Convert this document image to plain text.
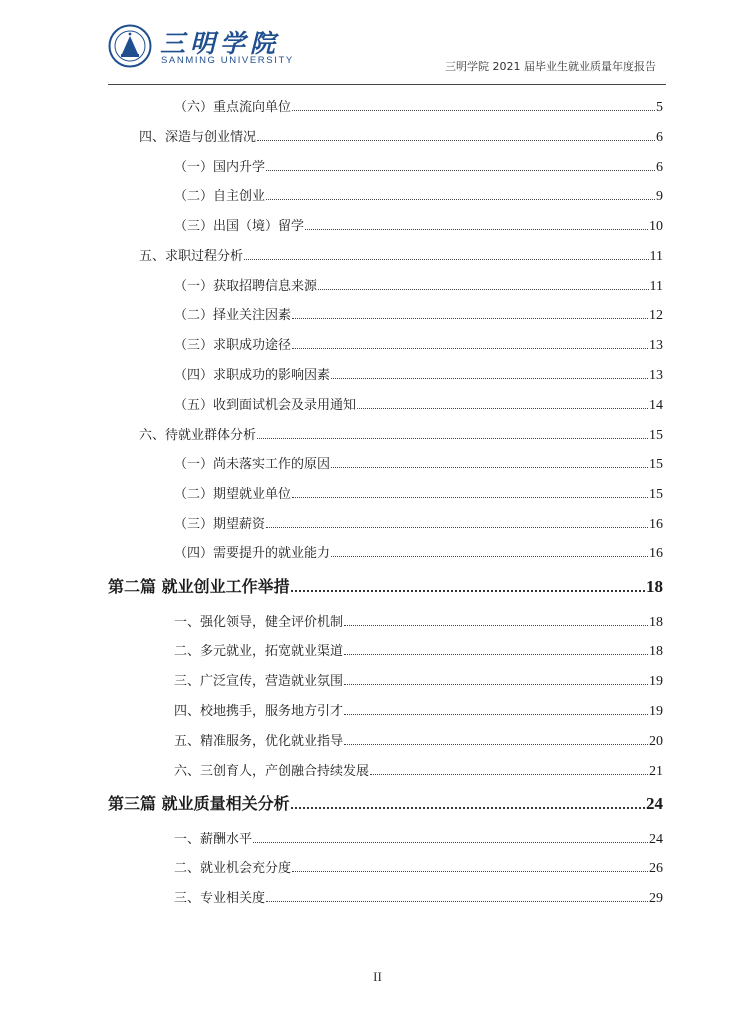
三明学院
SANMING UNIVERSITY	三明学院 2021 届毕业生就业质量年度报告
（六）重点流向单位	5
四、深造与创业情况	6
（一）国内升学	6
（二）自主创业	9
（三）出国（境）留学	10
五、求职过程分析	11
（一）获取招聘信息来源	11
（二）择业关注因素	12
（三）求职成功途径	13
（四）求职成功的影响因素	13
（五）收到面试机会及录用通知	14
六、待就业群体分析	15
（一）尚未落实工作的原因	15
（二）期望就业单位	15
（三）期望薪资	16
（四）需要提升的就业能力	16
第二篇 就业创业工作举措	18
一、强化领导，健全评价机制	18
二、多元就业，拓宽就业渠道	18
三、广泛宣传，营造就业氛围	19
四、校地携手，服务地方引才	19
五、精准服务，优化就业指导	20
六、三创育人，产创融合持续发展	21
第三篇 就业质量相关分析	24
一、薪酬水平	24
二、就业机会充分度	26
三、专业相关度	29
II
